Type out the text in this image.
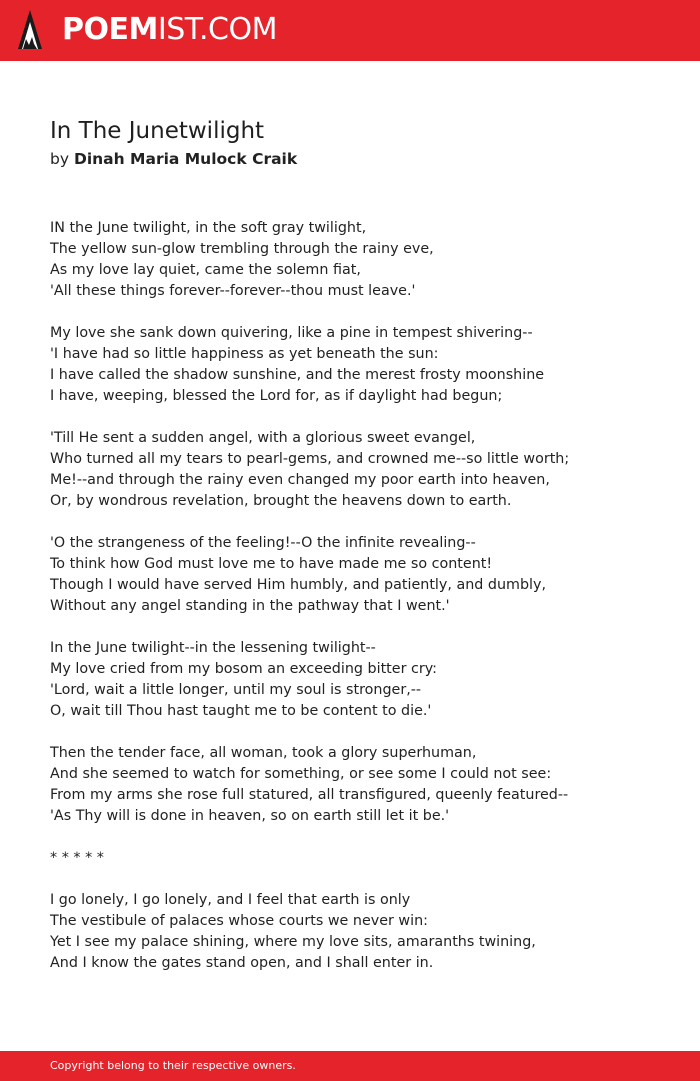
POEMIST.COM
In The Junetwilight
by Dinah Maria Mulock Craik
IN the June twilight, in the soft gray twilight,
The yellow sun-glow trembling through the rainy eve,
As my love lay quiet, came the solemn fiat,
'All these things forever--forever--thou must leave.'
My love she sank down quivering, like a pine in tempest shivering--
'I have had so little happiness as yet beneath the sun:
I have called the shadow sunshine, and the merest frosty moonshine
I have, weeping, blessed the Lord for, as if daylight had begun;
'Till He sent a sudden angel, with a glorious sweet evangel,
Who turned all my tears to pearl-gems, and crowned me--so little worth;
Me!--and through the rainy even changed my poor earth into heaven,
Or, by wondrous revelation, brought the heavens down to earth.
'O the strangeness of the feeling!--O the infinite revealing--
To think how God must love me to have made me so content!
Though I would have served Him humbly, and patiently, and dumbly,
Without any angel standing in the pathway that I went.'
In the June twilight--in the lessening twilight--
My love cried from my bosom an exceeding bitter cry:
'Lord, wait a little longer, until my soul is stronger,--
O, wait till Thou hast taught me to be content to die.'
Then the tender face, all woman, took a glory superhuman,
And she seemed to watch for something, or see some I could not see:
From my arms she rose full statured, all transfigured, queenly featured--
'As Thy will is done in heaven, so on earth still let it be.'
* * * * *
I go lonely, I go lonely, and I feel that earth is only
The vestibule of palaces whose courts we never win:
Yet I see my palace shining, where my love sits, amaranths twining,
And I know the gates stand open, and I shall enter in.
Copyright belong to their respective owners.
